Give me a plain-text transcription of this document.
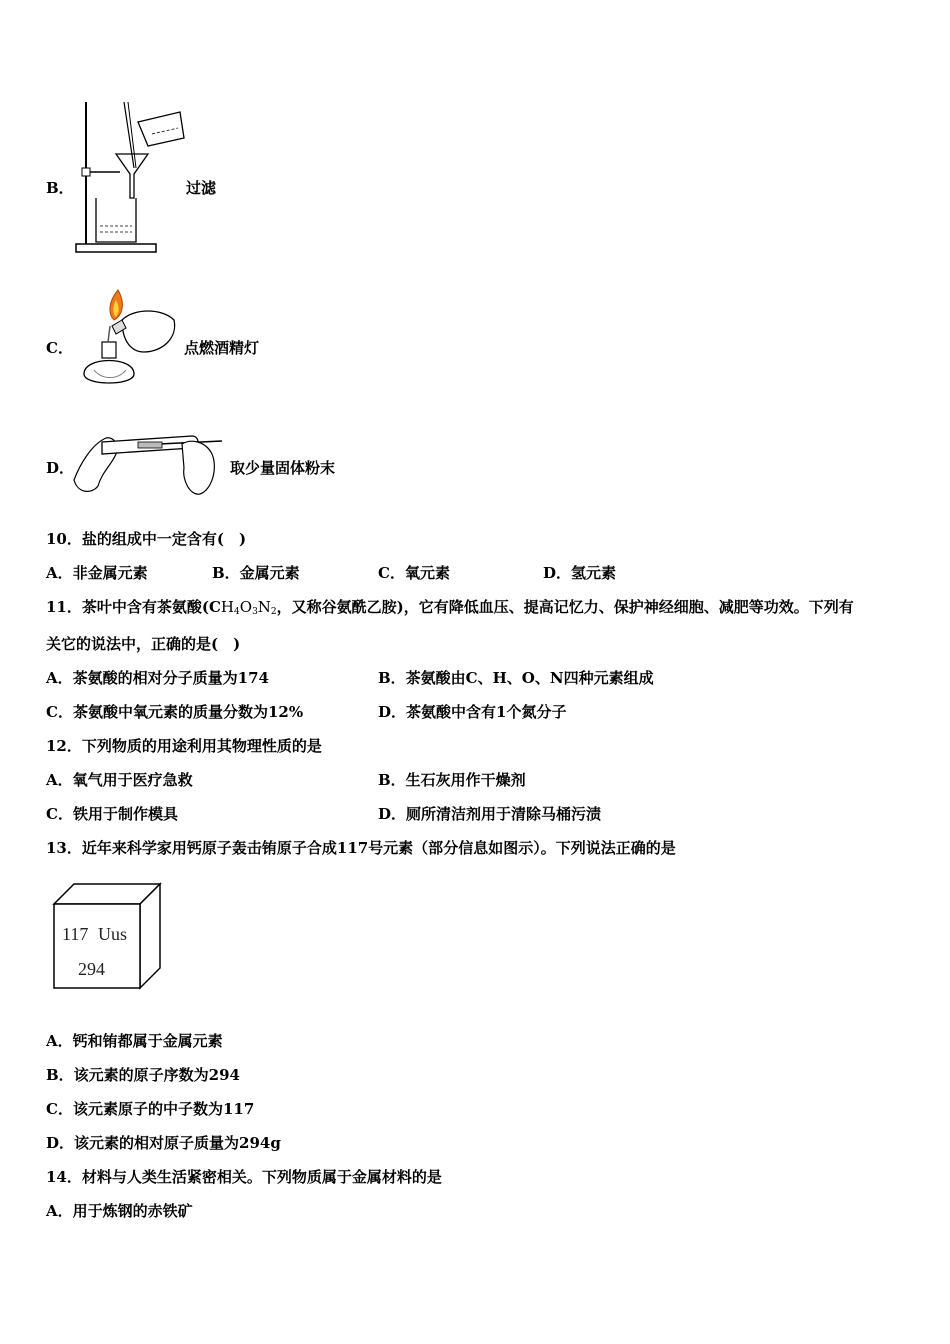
B．	过滤
C．	点燃酒精灯
D．	取少量固体粉末
10．盐的组成中一定含有(　)
A．非金属元素	B．金属元素	C．氧元素	D．氢元素
11．茶叶中含有茶氨酸($CH_4O_3N_2$，又称谷氨酰乙胺)，它有降低血压、提高记忆力、保护神经细胞、减肥等功效。下列有
关它的说法中，正确的是(　)
A．茶氨酸的相对分子质量为174	B．茶氨酸由C、H、O、N四种元素组成
C．茶氨酸中氧元素的质量分数为12%	D．茶氨酸中含有1个氮分子
12．下列物质的用途利用其物理性质的是
A．氧气用于医疗急救	B．生石灰用作干燥剂
C．铁用于制作模具	D．厕所清洁剂用于清除马桶污渍
13．近年来科学家用钙原子轰击铕原子合成117号元素（部分信息如图示）。下列说法正确的是
117 Uus
294
A．钙和铕都属于金属元素
B．该元素的原子序数为294
C．该元素原子的中子数为117
D．该元素的相对原子质量为294g
14．材料与人类生活紧密相关。下列物质属于金属材料的是
A．用于炼钢的赤铁矿
